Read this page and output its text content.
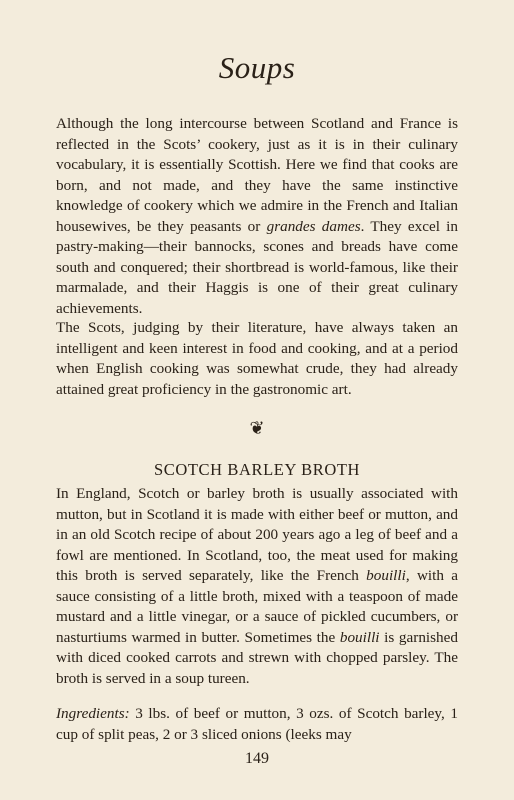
Soups

Although the long intercourse between Scotland and France is reflected in the Scots’ cookery, just as it is in their culinary vocabulary, it is essentially Scottish. Here we find that cooks are born, and not made, and they have the same instinctive knowledge of cookery which we admire in the French and Italian housewives, be they peasants or grandes dames. They excel in pastry-making—their bannocks, scones and breads have come south and conquered; their shortbread is world-famous, like their marmalade, and their Haggis is one of their great culinary achievements.

The Scots, judging by their literature, have always taken an intelligent and keen interest in food and cooking, and at a period when English cooking was somewhat crude, they had already attained great proficiency in the gastronomic art.

❦
SCOTCH BARLEY BROTH

In England, Scotch or barley broth is usually associated with mutton, but in Scotland it is made with either beef or mutton, and in an old Scotch recipe of about 200 years ago a leg of beef and a fowl are mentioned. In Scotland, too, the meat used for making this broth is served separately, like the French bouilli, with a sauce consisting of a little broth, mixed with a teaspoon of made mustard and a little vinegar, or a sauce of pickled cucumbers, or nasturtiums warmed in butter. Sometimes the bouilli is garnished with diced cooked carrots and strewn with chopped parsley. The broth is served in a soup tureen.

Ingredients: 3 lbs. of beef or mutton, 3 ozs. of Scotch barley, 1 cup of split peas, 2 or 3 sliced onions (leeks may

149
